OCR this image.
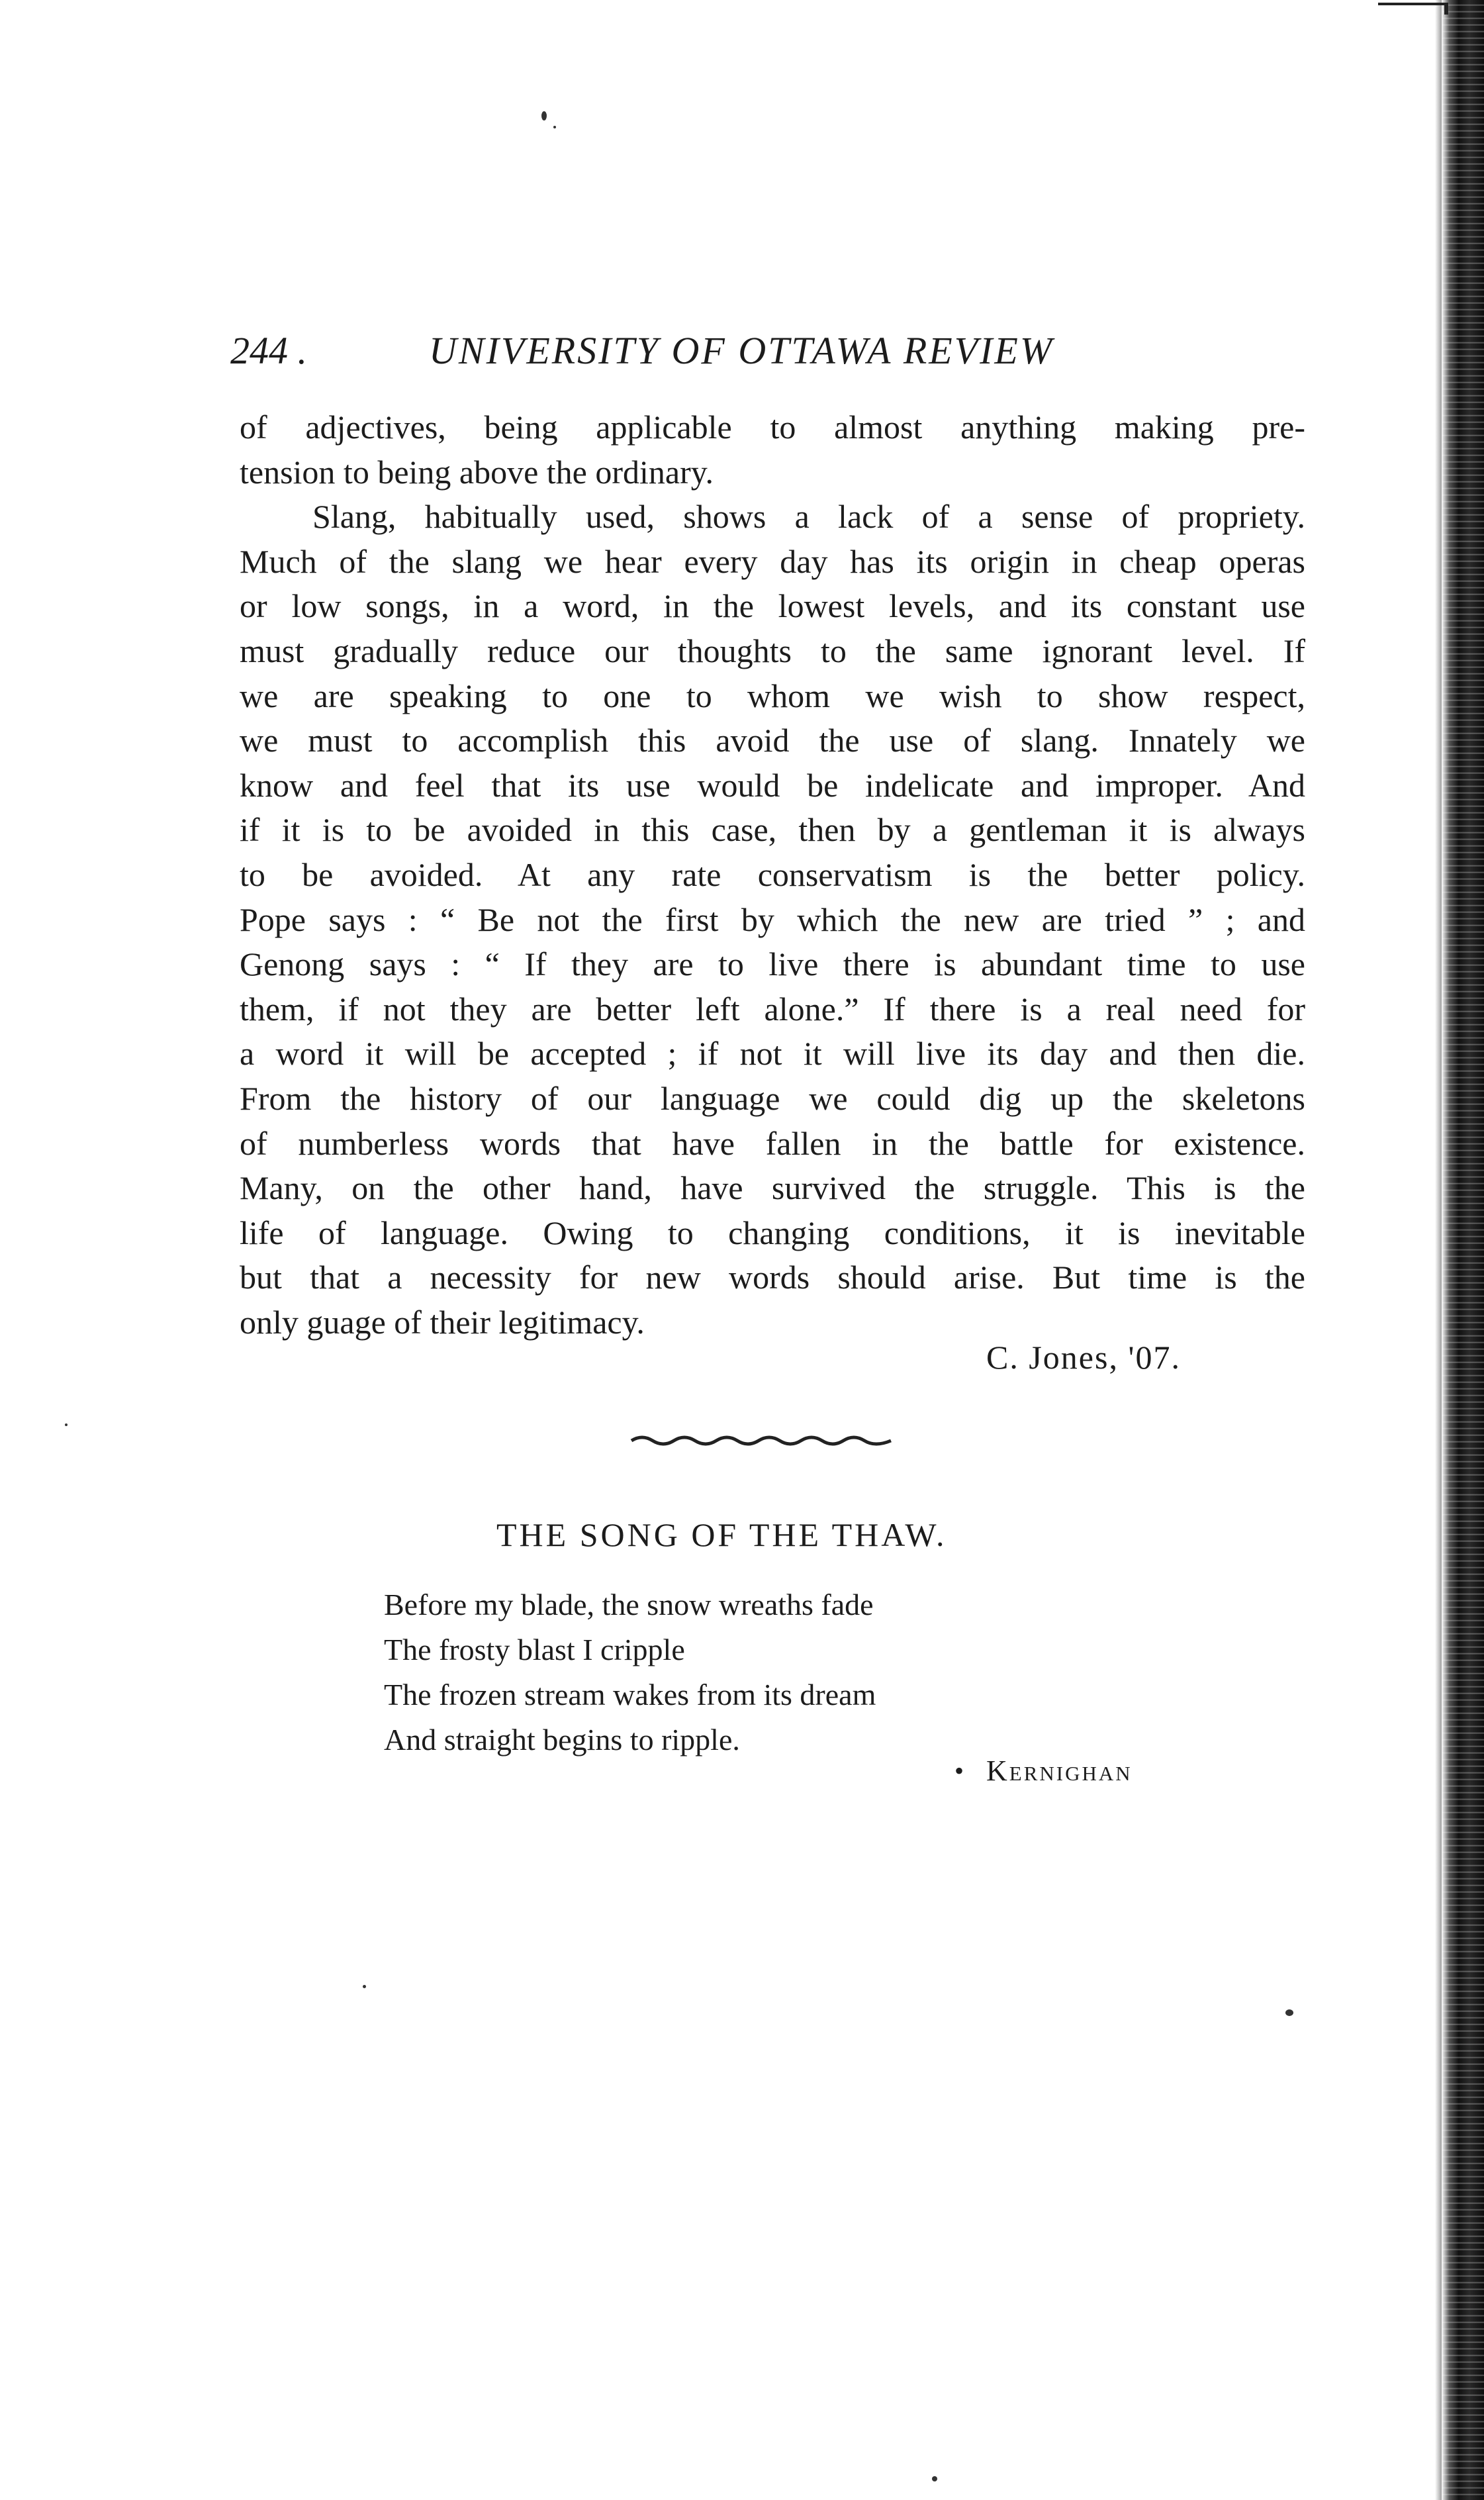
244 .	UNIVERSITY OF OTTAWA REVIEW
of adjectives, being applicable to almost anything making pre-
tension to being above the ordinary.
Slang, habitually used, shows a lack of a sense of propriety.
Much of the slang we hear every day has its origin in cheap operas
or low songs, in a word, in the lowest levels, and its constant use
must gradually reduce our thoughts to the same ignorant level. If
we are speaking to one to whom we wish to show respect,
we must to accomplish this avoid the use of slang. Innately we
know and feel that its use would be indelicate and improper. And
if it is to be avoided in this case, then by a gentleman it is always
to be avoided. At any rate conservatism is the better policy.
Pope says : “ Be not the first by which the new are tried ” ; and
Genong says : “ If they are to live there is abundant time to use
them, if not they are better left alone.” If there is a real need for
a word it will be accepted ; if not it will live its day and then die.
From the history of our language we could dig up the skeletons
of numberless words that have fallen in the battle for existence.
Many, on the other hand, have survived the struggle. This is the
life of language. Owing to changing conditions, it is inevitable
but that a necessity for new words should arise. But time is the
only guage of their legitimacy.
C. Jones, '07.
THE SONG OF THE THAW.
Before my blade, the snow wreaths fade
The frosty blast I cripple
The frozen stream wakes from its dream
And straight begins to ripple.
• Kernighan
